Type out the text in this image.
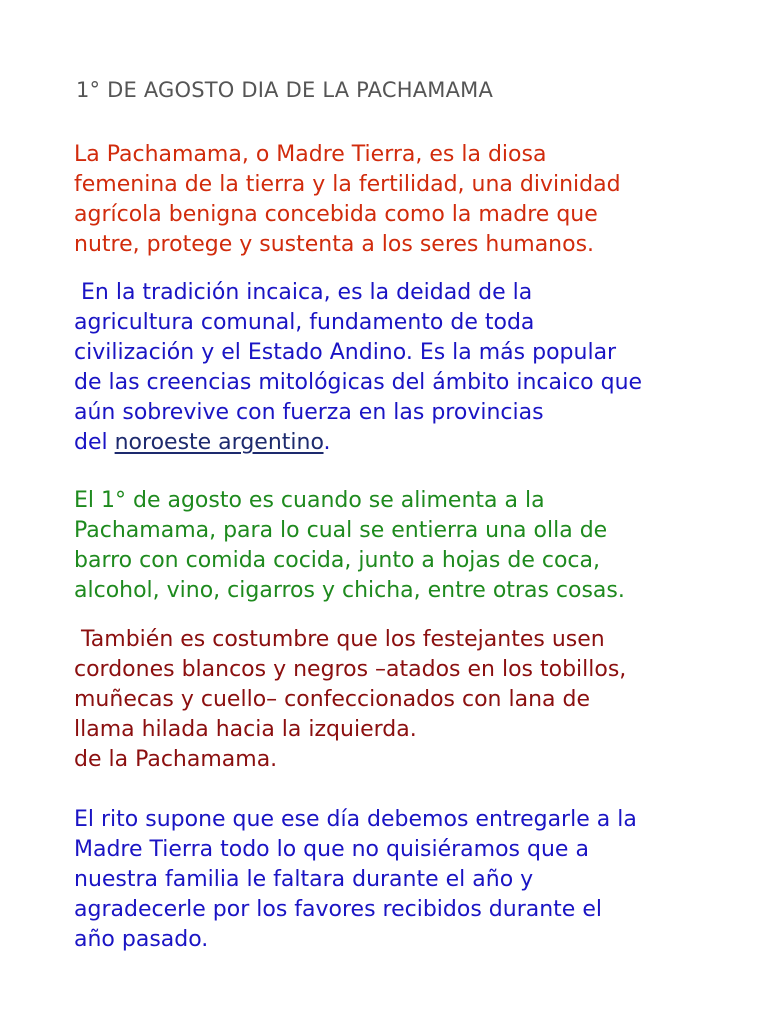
1° DE AGOSTO DIA DE LA PACHAMAMA
La Pachamama, o Madre Tierra, es la diosa
femenina de la tierra y la fertilidad, una divinidad
agrícola benigna concebida como la madre que
nutre, protege y sustenta a los seres humanos.
En la tradición incaica, es la deidad de la
agricultura comunal, fundamento de toda
civilización y el Estado Andino. Es la más popular
de las creencias mitológicas del ámbito incaico que
aún sobrevive con fuerza en las provincias
del noroeste argentino.
El 1° de agosto es cuando se alimenta a la
Pachamama, para lo cual se entierra una olla de
barro con comida cocida, junto a hojas de coca,
alcohol, vino, cigarros y chicha, entre otras cosas.
También es costumbre que los festejantes usen
cordones blancos y negros –atados en los tobillos,
muñecas y cuello– confeccionados con lana de
llama hilada hacia la izquierda.
de la Pachamama.
El rito supone que ese día debemos entregarle a la
Madre Tierra todo lo que no quisiéramos que a
nuestra familia le faltara durante el año y
agradecerle por los favores recibidos durante el
año pasado.
